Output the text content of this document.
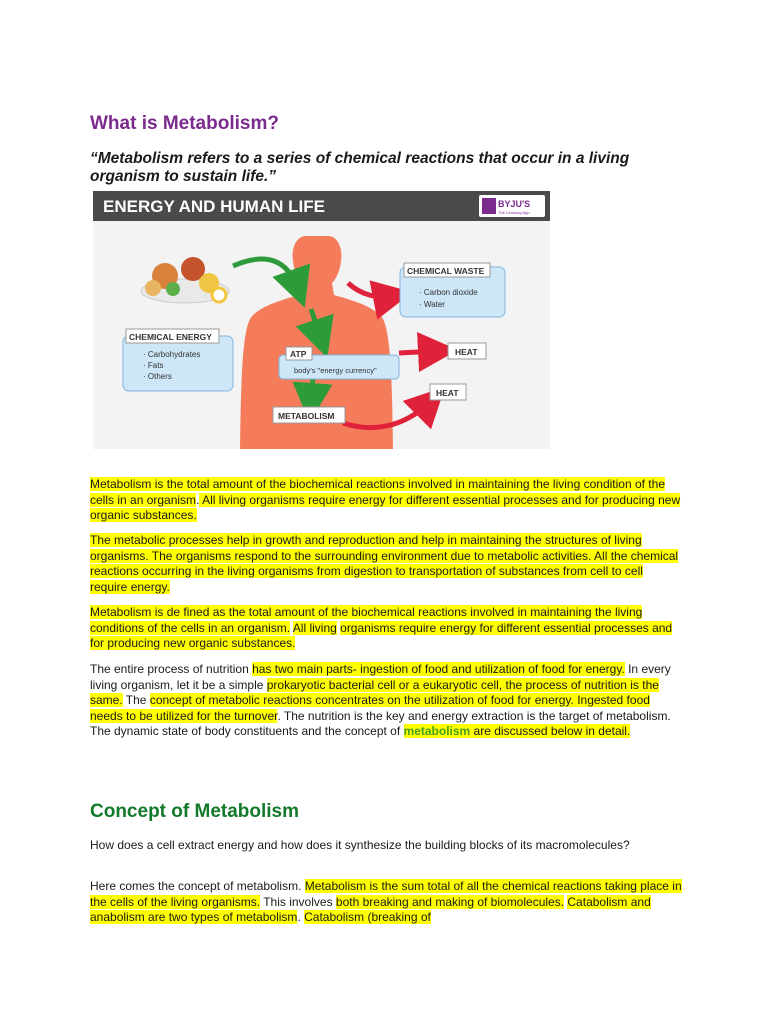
What is Metabolism?

“Metabolism refers to a series of chemical reactions that occur in a living organism to sustain life.”

ENERGY AND HUMAN LIFE	BYJU'S
The Learning App
CHEMICAL WASTE
· Carbon dioxide
· Water
CHEMICAL ENERGY
· Carbohydrates
· Fats
· Others
ATP
body's "energy currency"
HEAT
HEAT
METABOLISM

Metabolism is the total amount of the biochemical reactions involved in maintaining the living condition of the cells in an organism. All living organisms require energy for different essential processes and for producing new organic substances.

The metabolic processes help in growth and reproduction and help in maintaining the structures of living organisms. The organisms respond to the surrounding environment due to metabolic activities. All the chemical reactions occurring in the living organisms from digestion to transportation of substances from cell to cell require energy.

Metabolism is de fined as the total amount of the biochemical reactions involved in maintaining the living conditions of the cells in an organism. All living organisms require energy for different essential processes and for producing new organic substances.

The entire process of nutrition has two main parts- ingestion of food and utilization of food for energy. In every living organism, let it be a simple prokaryotic bacterial cell or a eukaryotic cell, the process of nutrition is the same. The concept of metabolic reactions concentrates on the utilization of food for energy. Ingested food needs to be utilized for the turnover. The nutrition is the key and energy extraction is the target of metabolism. The dynamic state of body constituents and the concept of metabolism are discussed below in detail.

Concept of Metabolism

How does a cell extract energy and how does it synthesize the building blocks of its macromolecules?

Here comes the concept of metabolism. Metabolism is the sum total of all the chemical reactions taking place in the cells of the living organisms. This involves both breaking and making of biomolecules. Catabolism and anabolism are two types of metabolism. Catabolism (breaking of
